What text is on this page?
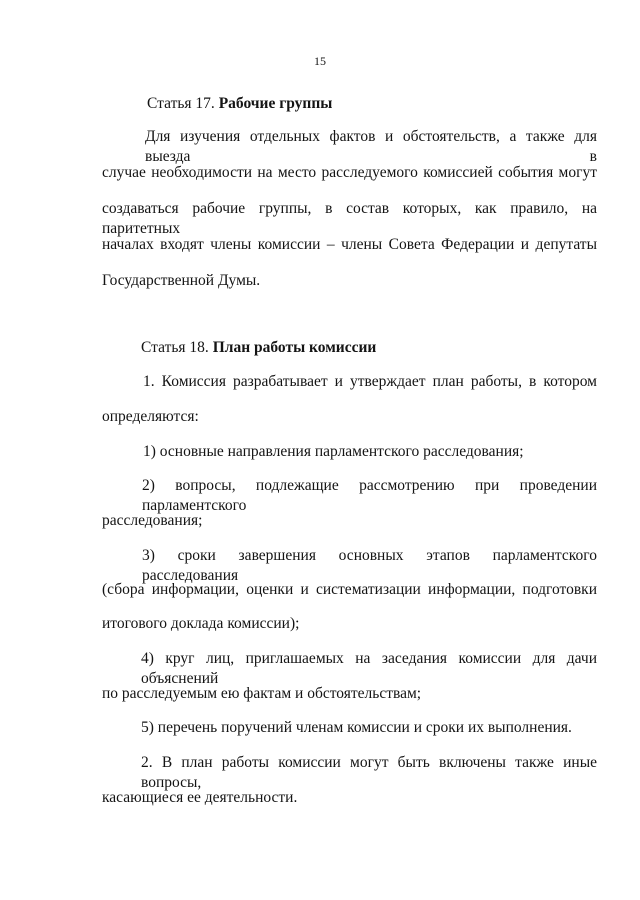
15
Статья 17. Рабочие группы
Для изучения отдельных фактов и обстоятельств, а также для выезда в
случае необходимости на место расследуемого комиссией события могут
создаваться рабочие группы, в состав которых, как правило, на паритетных
началах входят члены комиссии – члены Совета Федерации и депутаты
Государственной Думы.
Статья 18. План работы комиссии
1. Комиссия разрабатывает и утверждает план работы, в котором
определяются:
1) основные направления парламентского расследования;
2) вопросы, подлежащие рассмотрению при проведении парламентского
расследования;
3) сроки завершения основных этапов парламентского расследования
(сбора информации, оценки и систематизации информации, подготовки
итогового доклада комиссии);
4) круг лиц, приглашаемых на заседания комиссии для дачи объяснений
по расследуемым ею фактам и обстоятельствам;
5) перечень поручений членам комиссии и сроки их выполнения.
2. В план работы комиссии могут быть включены также иные вопросы,
касающиеся ее деятельности.
